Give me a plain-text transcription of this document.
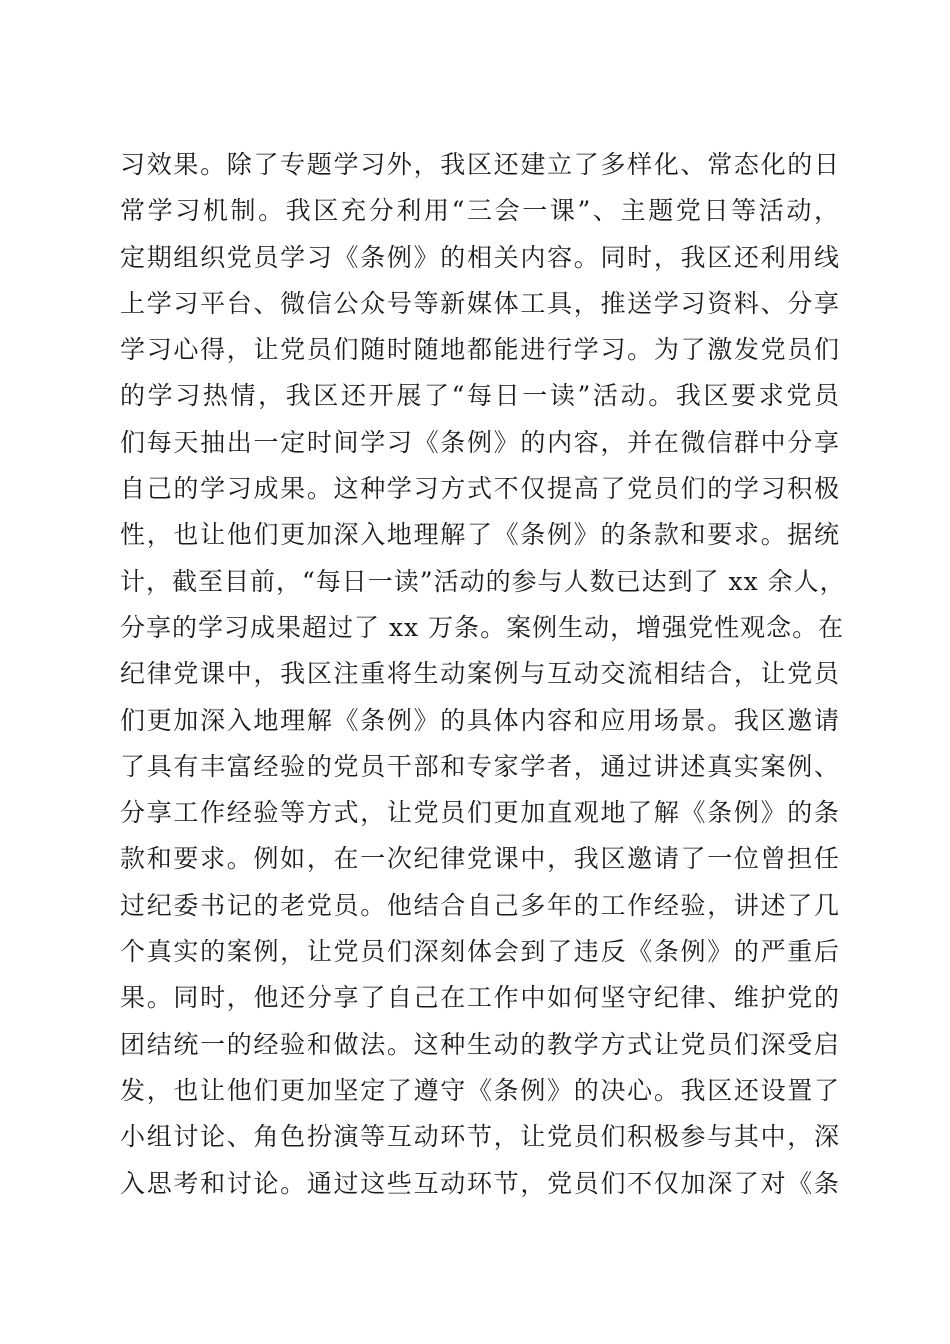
习效果。除了专题学习外，我区还建立了多样化、常态化的日
常学习机制。我区充分利用“三会一课”、主题党日等活动，
定期组织党员学习《条例》的相关内容。同时，我区还利用线
上学习平台、微信公众号等新媒体工具，推送学习资料、分享
学习心得，让党员们随时随地都能进行学习。为了激发党员们
的学习热情，我区还开展了“每日一读”活动。我区要求党员
们每天抽出一定时间学习《条例》的内容，并在微信群中分享
自己的学习成果。这种学习方式不仅提高了党员们的学习积极
性，也让他们更加深入地理解了《条例》的条款和要求。据统
计，截至目前，“每日一读”活动的参与人数已达到了 xx 余人，
分享的学习成果超过了 xx 万条。案例生动，增强党性观念。在
纪律党课中，我区注重将生动案例与互动交流相结合，让党员
们更加深入地理解《条例》的具体内容和应用场景。我区邀请
了具有丰富经验的党员干部和专家学者，通过讲述真实案例、
分享工作经验等方式，让党员们更加直观地了解《条例》的条
款和要求。例如，在一次纪律党课中，我区邀请了一位曾担任
过纪委书记的老党员。他结合自己多年的工作经验，讲述了几
个真实的案例，让党员们深刻体会到了违反《条例》的严重后
果。同时，他还分享了自己在工作中如何坚守纪律、维护党的
团结统一的经验和做法。这种生动的教学方式让党员们深受启
发，也让他们更加坚定了遵守《条例》的决心。我区还设置了
小组讨论、角色扮演等互动环节，让党员们积极参与其中，深
入思考和讨论。通过这些互动环节，党员们不仅加深了对《条
